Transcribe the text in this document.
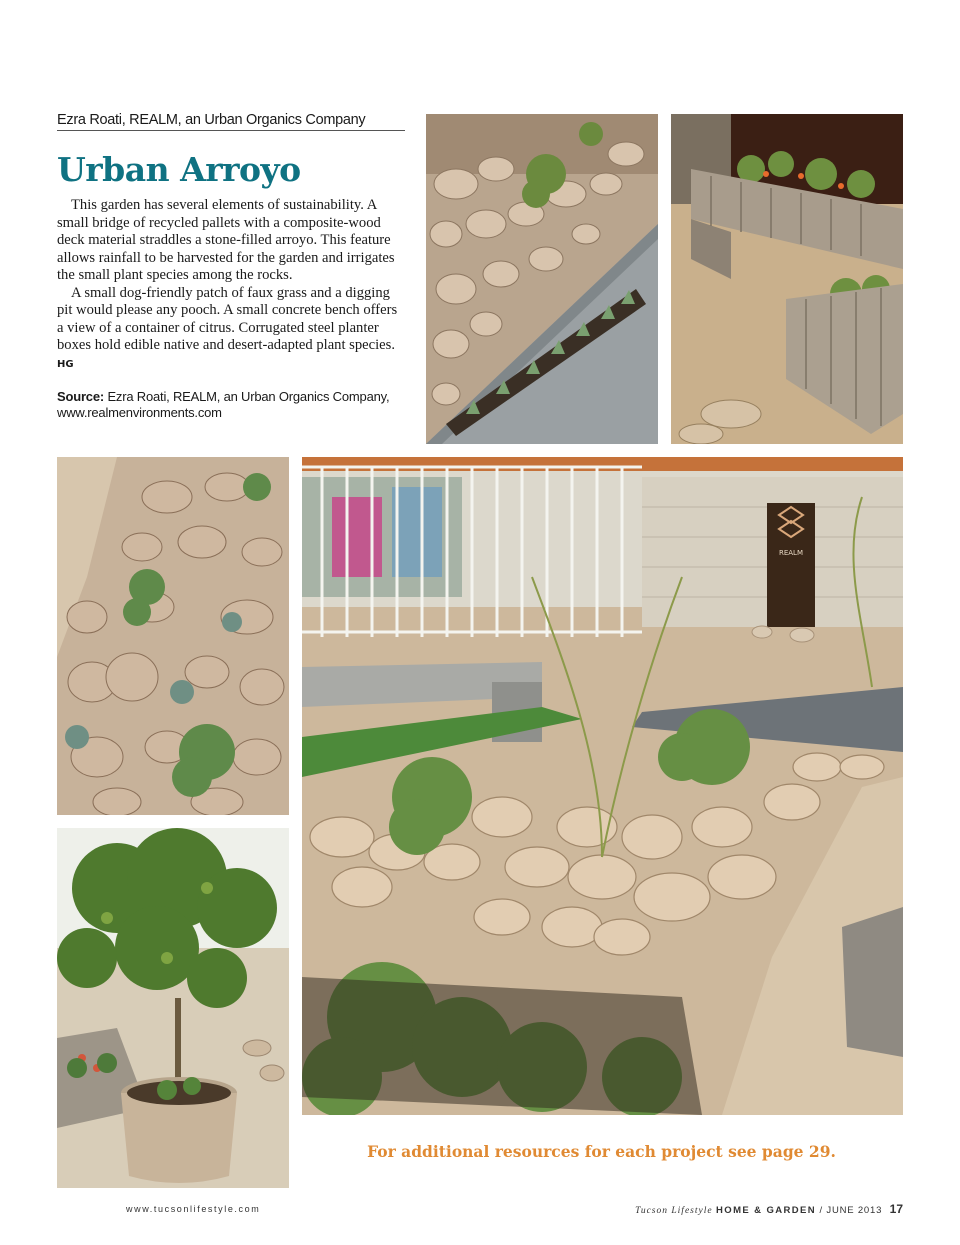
Ezra Roati, REALM, an Urban Organics Company
Urban Arroyo

This garden has several elements of sustainability. A small bridge of recycled pallets with a composite-wood deck material straddles a stone-filled arroyo. This feature allows rainfall to be harvested for the garden and irrigates the small plant species among the rocks.

A small dog-friendly patch of faux grass and a digging pit would please any pooch. A small concrete bench offers a view of a container of citrus. Corrugated steel planter boxes hold edible native and desert-adapted plant species. HG

Source: Ezra Roati, REALM, an Urban Organics Company,
www.realmenvironments.com
REALM
For additional resources for each project see page 29.
www.tucsonlifestyle.com	Tucson Lifestyle HOME & GARDEN / JUNE 2013 17
